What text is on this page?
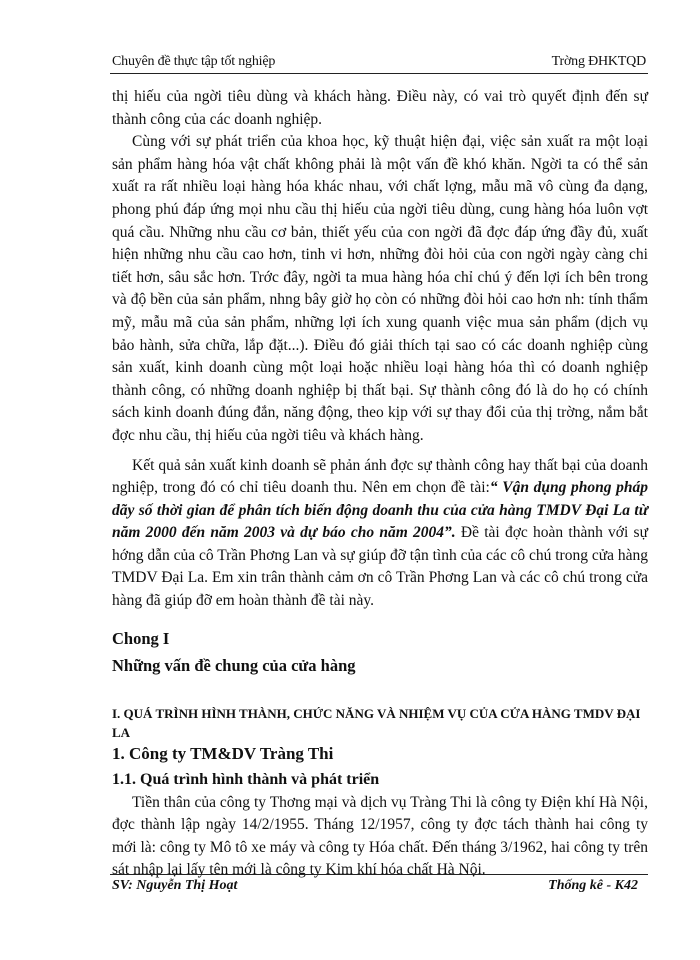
Chuyên đề thực tập tốt nghiệp	Trờng ĐHKTQD

thị hiếu của ngời tiêu dùng và khách hàng. Điều này, có vai trò quyết định đến sự thành công của các doanh nghiệp.

Cùng với sự phát triển của khoa học, kỹ thuật hiện đại, việc sản xuất ra một loại sản phẩm hàng hóa vật chất không phải là một vấn đề khó khăn. Ngời ta có thể sản xuất ra rất nhiều loại hàng hóa khác nhau, với chất lợng, mẫu mã vô cùng đa dạng, phong phú đáp ứng mọi nhu cầu thị hiếu của ngời tiêu dùng, cung hàng hóa luôn vợt quá cầu. Những nhu cầu cơ bản, thiết yếu của con ngời đã đợc đáp ứng đầy đủ, xuất hiện những nhu cầu cao hơn, tinh vi hơn, những đòi hỏi của con ngời ngày càng chi tiết hơn, sâu sắc hơn. Trớc đây, ngời ta mua hàng hóa chỉ chú ý đến lợi ích bên trong và độ bền của sản phẩm, nhng bây giờ họ còn có những đòi hỏi cao hơn nh: tính thẩm mỹ, mẫu mã của sản phẩm, những lợi ích xung quanh việc mua sản phẩm (dịch vụ bảo hành, sửa chữa, lắp đặt...). Điều đó giải thích tại sao có các doanh nghiệp cùng sản xuất, kinh doanh cùng một loại hoặc nhiều loại hàng hóa thì có doanh nghiệp thành công, có những doanh nghiệp bị thất bại. Sự thành công đó là do họ có chính sách kinh doanh đúng đắn, năng động, theo kịp với sự thay đổi của thị trờng, nắm bắt đợc nhu cầu, thị hiếu của ngời tiêu và khách hàng.

Kết quả sản xuất kinh doanh sẽ phản ánh đợc sự thành công hay thất bại của doanh nghiệp, trong đó có chỉ tiêu doanh thu. Nên em chọn đề tài:“ Vận dụng phong pháp dãy số thời gian để phân tích biến động doanh thu của cửa hàng TMDV Đại La từ năm 2000 đến năm 2003 và dự báo cho năm 2004”. Đề tài đợc hoàn thành với sự hớng dẫn của cô Trần Phơng Lan và sự giúp đỡ tận tình của các cô chú trong cửa hàng TMDV Đại La. Em xin trân thành cảm ơn cô Trần Phơng Lan và các cô chú trong cửa hàng đã giúp đỡ em hoàn thành đề tài này.

Chong I

Những vấn đề chung của cửa hàng

I. QUÁ TRÌNH HÌNH THÀNH, CHỨC NĂNG VÀ NHIỆM VỤ CỦA CỬA HÀNG TMDV ĐẠI LA

1. Công ty TM&DV Tràng Thi

1.1. Quá trình hình thành và phát triển

Tiền thân của công ty Thơng mại và dịch vụ Tràng Thi là công ty Điện khí Hà Nội, đợc thành lập ngày 14/2/1955. Tháng 12/1957, công ty đợc tách thành hai công ty mới là: công ty Mô tô xe máy và công ty Hóa chất. Đến tháng 3/1962, hai công ty trên sát nhập lại lấy tên mới là công ty Kim khí hóa chất Hà Nội.

SV: Nguyễn Thị Hoạt	Thống kê - K42
